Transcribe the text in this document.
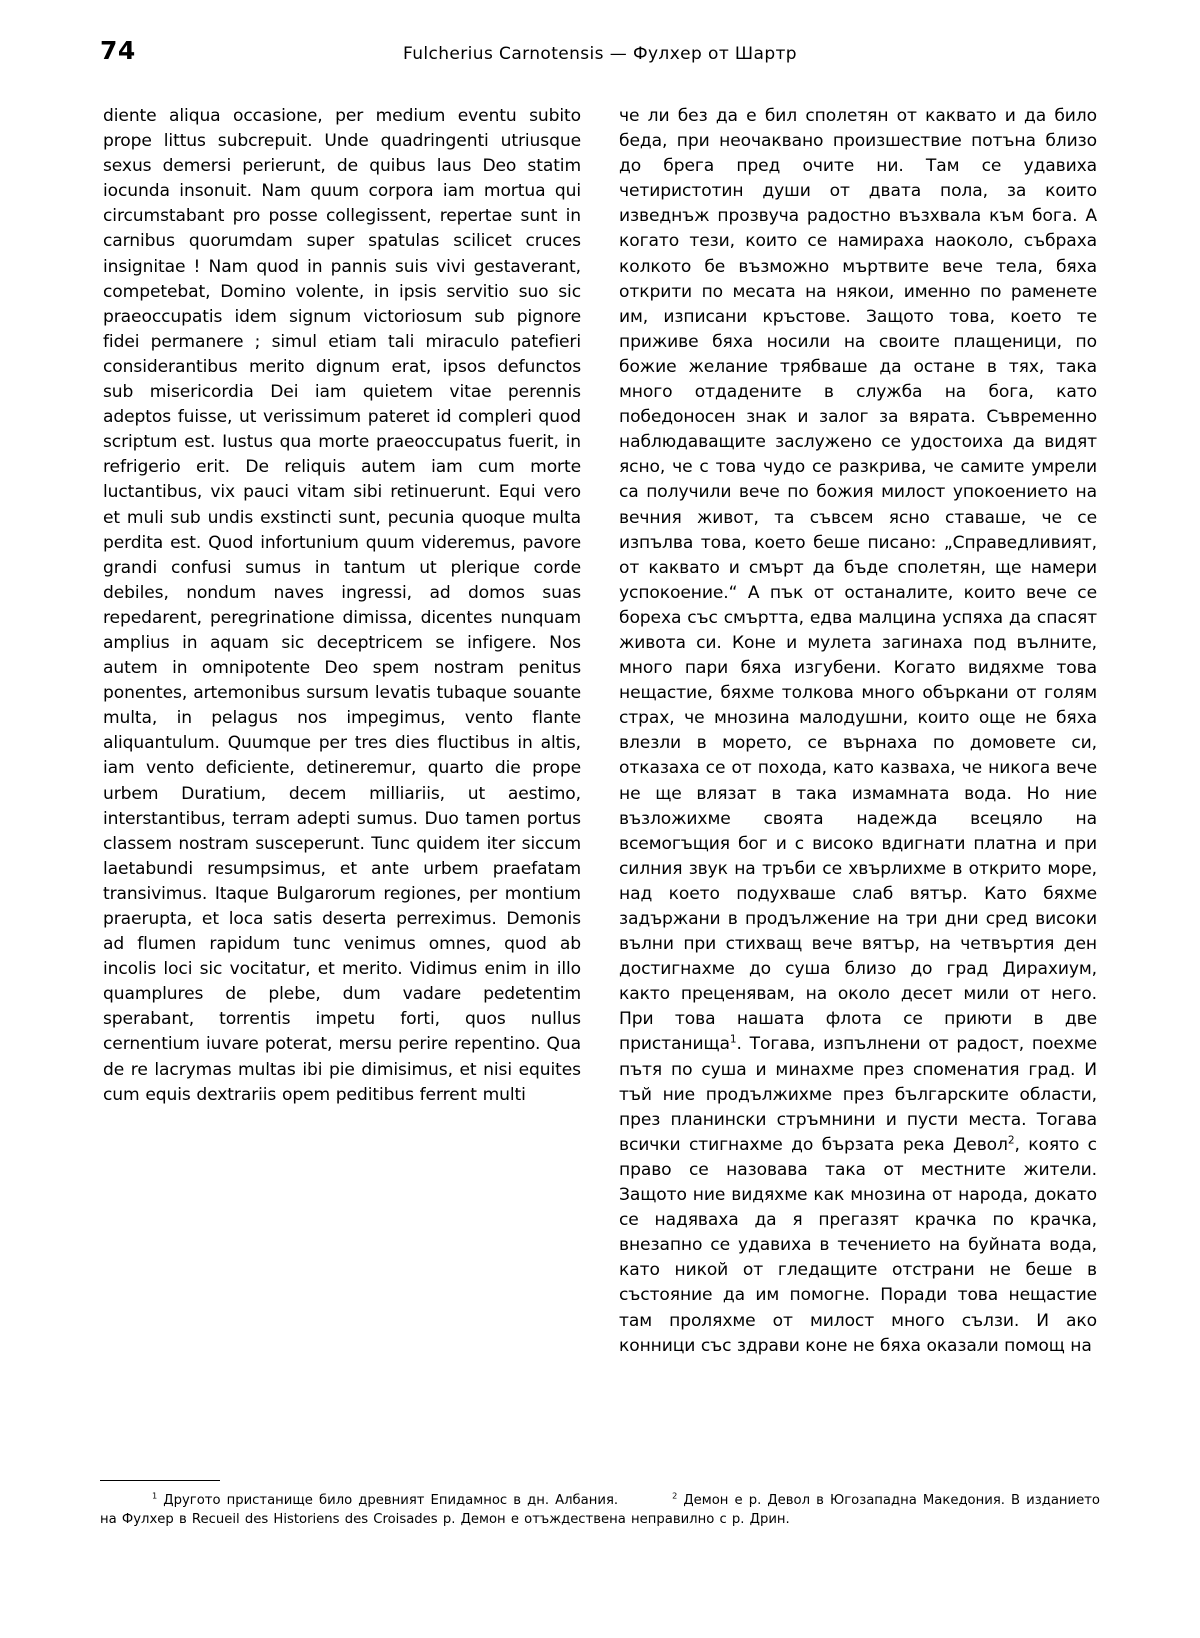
74	Fulcherius Carnotensis — Фулхер от Шартр

diente aliqua occasione, per medium eventu subito prope littus subcrepuit. Unde quadringenti utriusque sexus demersi perierunt, de quibus laus Deo statim iocunda insonuit. Nam quum corpora iam mortua qui circumstabant pro posse collegissent, repertae sunt in carnibus quorumdam super spatulas scilicet cruces insignitae ! Nam quod in pannis suis vivi gestaverant, competebat, Domino volente, in ipsis servitio suo sic praeoccupatis idem signum victoriosum sub pignore fidei permanere ; simul etiam tali miraculo patefieri considerantibus merito dignum erat, ipsos defunctos sub misericordia Dei iam quietem vitae perennis adeptos fuisse, ut verissimum pateret id compleri quod scriptum est. Iustus qua morte praeoccupatus fuerit, in refrigerio erit. De reliquis autem iam cum morte luctantibus, vix pauci vitam sibi retinuerunt. Equi vero et muli sub undis exstincti sunt, pecunia quoque multa perdita est. Quod infortunium quum videremus, pavore grandi confusi sumus in tantum ut plerique corde debiles, nondum naves ingressi, ad domos suas repedarent, peregrinatione dimissa, dicentes nunquam amplius in aquam sic deceptricem se infigere. Nos autem in omnipotente Deo spem nostram penitus ponentes, artemonibus sursum levatis tubaque souante multa, in pelagus nos impegimus, vento flante aliquantulum. Quumque per tres dies fluctibus in altis, iam vento deficiente, detineremur, quarto die prope urbem Duratium, decem milliariis, ut aestimo, interstantibus, terram adepti sumus. Duo tamen portus classem nostram susceperunt. Tunc quidem iter siccum laetabundi resumpsimus, et ante urbem praefatam transivimus. Itaque Bulgarorum regiones, per montium praerupta, et loca satis deserta perreximus. Demonis ad flumen rapidum tunc venimus omnes, quod ab incolis loci sic vocitatur, et merito. Vidimus enim in illo quamplures de plebe, dum vadare pedetentim sperabant, torrentis impetu forti, quos nullus cernentium iuvare poterat, mersu perire repentino. Qua de re lacrymas multas ibi pie dimisimus, et nisi equites cum equis dextrariis opem peditibus ferrent multi

че ли без да е бил сполетян от каквато и да било беда, при неочаквано произшествие потъна близо до брега пред очите ни. Там се удавиха четиристотин души от двата пола, за които изведнъж прозвуча радостно възхвала към бога. А когато тези, които се намираха наоколо, събраха колкото бе възможно мъртвите вече тела, бяха открити по месата на някои, именно по раменете им, изписани кръстове. Защото това, което те приживе бяха носили на своите плащеници, по божие желание трябваше да остане в тях, така много отдадените в служба на бога, като победоносен знак и залог за вярата. Съвременно наблюдаващите заслужено се удостоиха да видят ясно, че с това чудо се разкрива, че самите умрели са получили вече по божия милост упокоението на вечния живот, та съвсем ясно ставаше, че се изпълва това, което беше писано: „Справедливият, от каквато и смърт да бъде сполетян, ще намери успокоение.“ А пък от останалите, които вече се бореха със смъртта, едва малцина успяха да спасят живота си. Коне и мулета загинаха под вълните, много пари бяха изгубени. Когато видяхме това нещастие, бяхме толкова много объркани от голям страх, че мнозина малодушни, които още не бяха влезли в морето, се върнаха по домовете си, отказаха се от похода, като казваха, че никога вече не ще влязат в така измамната вода. Но ние възложихме своята надежда всецяло на всемогъщия бог и с високо вдигнати платна и при силния звук на тръби се хвърлихме в открито море, над което подухваше слаб вятър. Като бяхме задържани в продължение на три дни сред високи вълни при стихващ вече вятър, на четвъртия ден достигнахме до суша близо до град Дирахиум, както преценявам, на около десет мили от него. При това нашата флота се приюти в две пристанища$^1$. Тогава, изпълнени от радост, поехме пътя по суша и минахме през споменатия град. И тъй ние продължихме през българските области, през планински стръмнини и пусти места. Тогава всички стигнахме до бързата река Девол$^2$, която с право се назовава така от местните жители. Защото ние видяхме как мнозина от народа, докато се надяваха да я прегазят крачка по крачка, внезапно се удавиха в течението на буйната вода, като никой от гледащите отстрани не беше в състояние да им помогне. Поради това нещастие там проляхме от милост много сълзи. И ако конници със здрави коне не бяха оказали помощ на

$^1$ Другото пристанище било древният Епидамнос в дн. Албания.	$^2$ Демон е р. Девол в Югозападна Македония. В изданието на Фулхер в Recueil des Historiens des Croisades р. Демон е отъждествена неправилно с р. Дрин.
